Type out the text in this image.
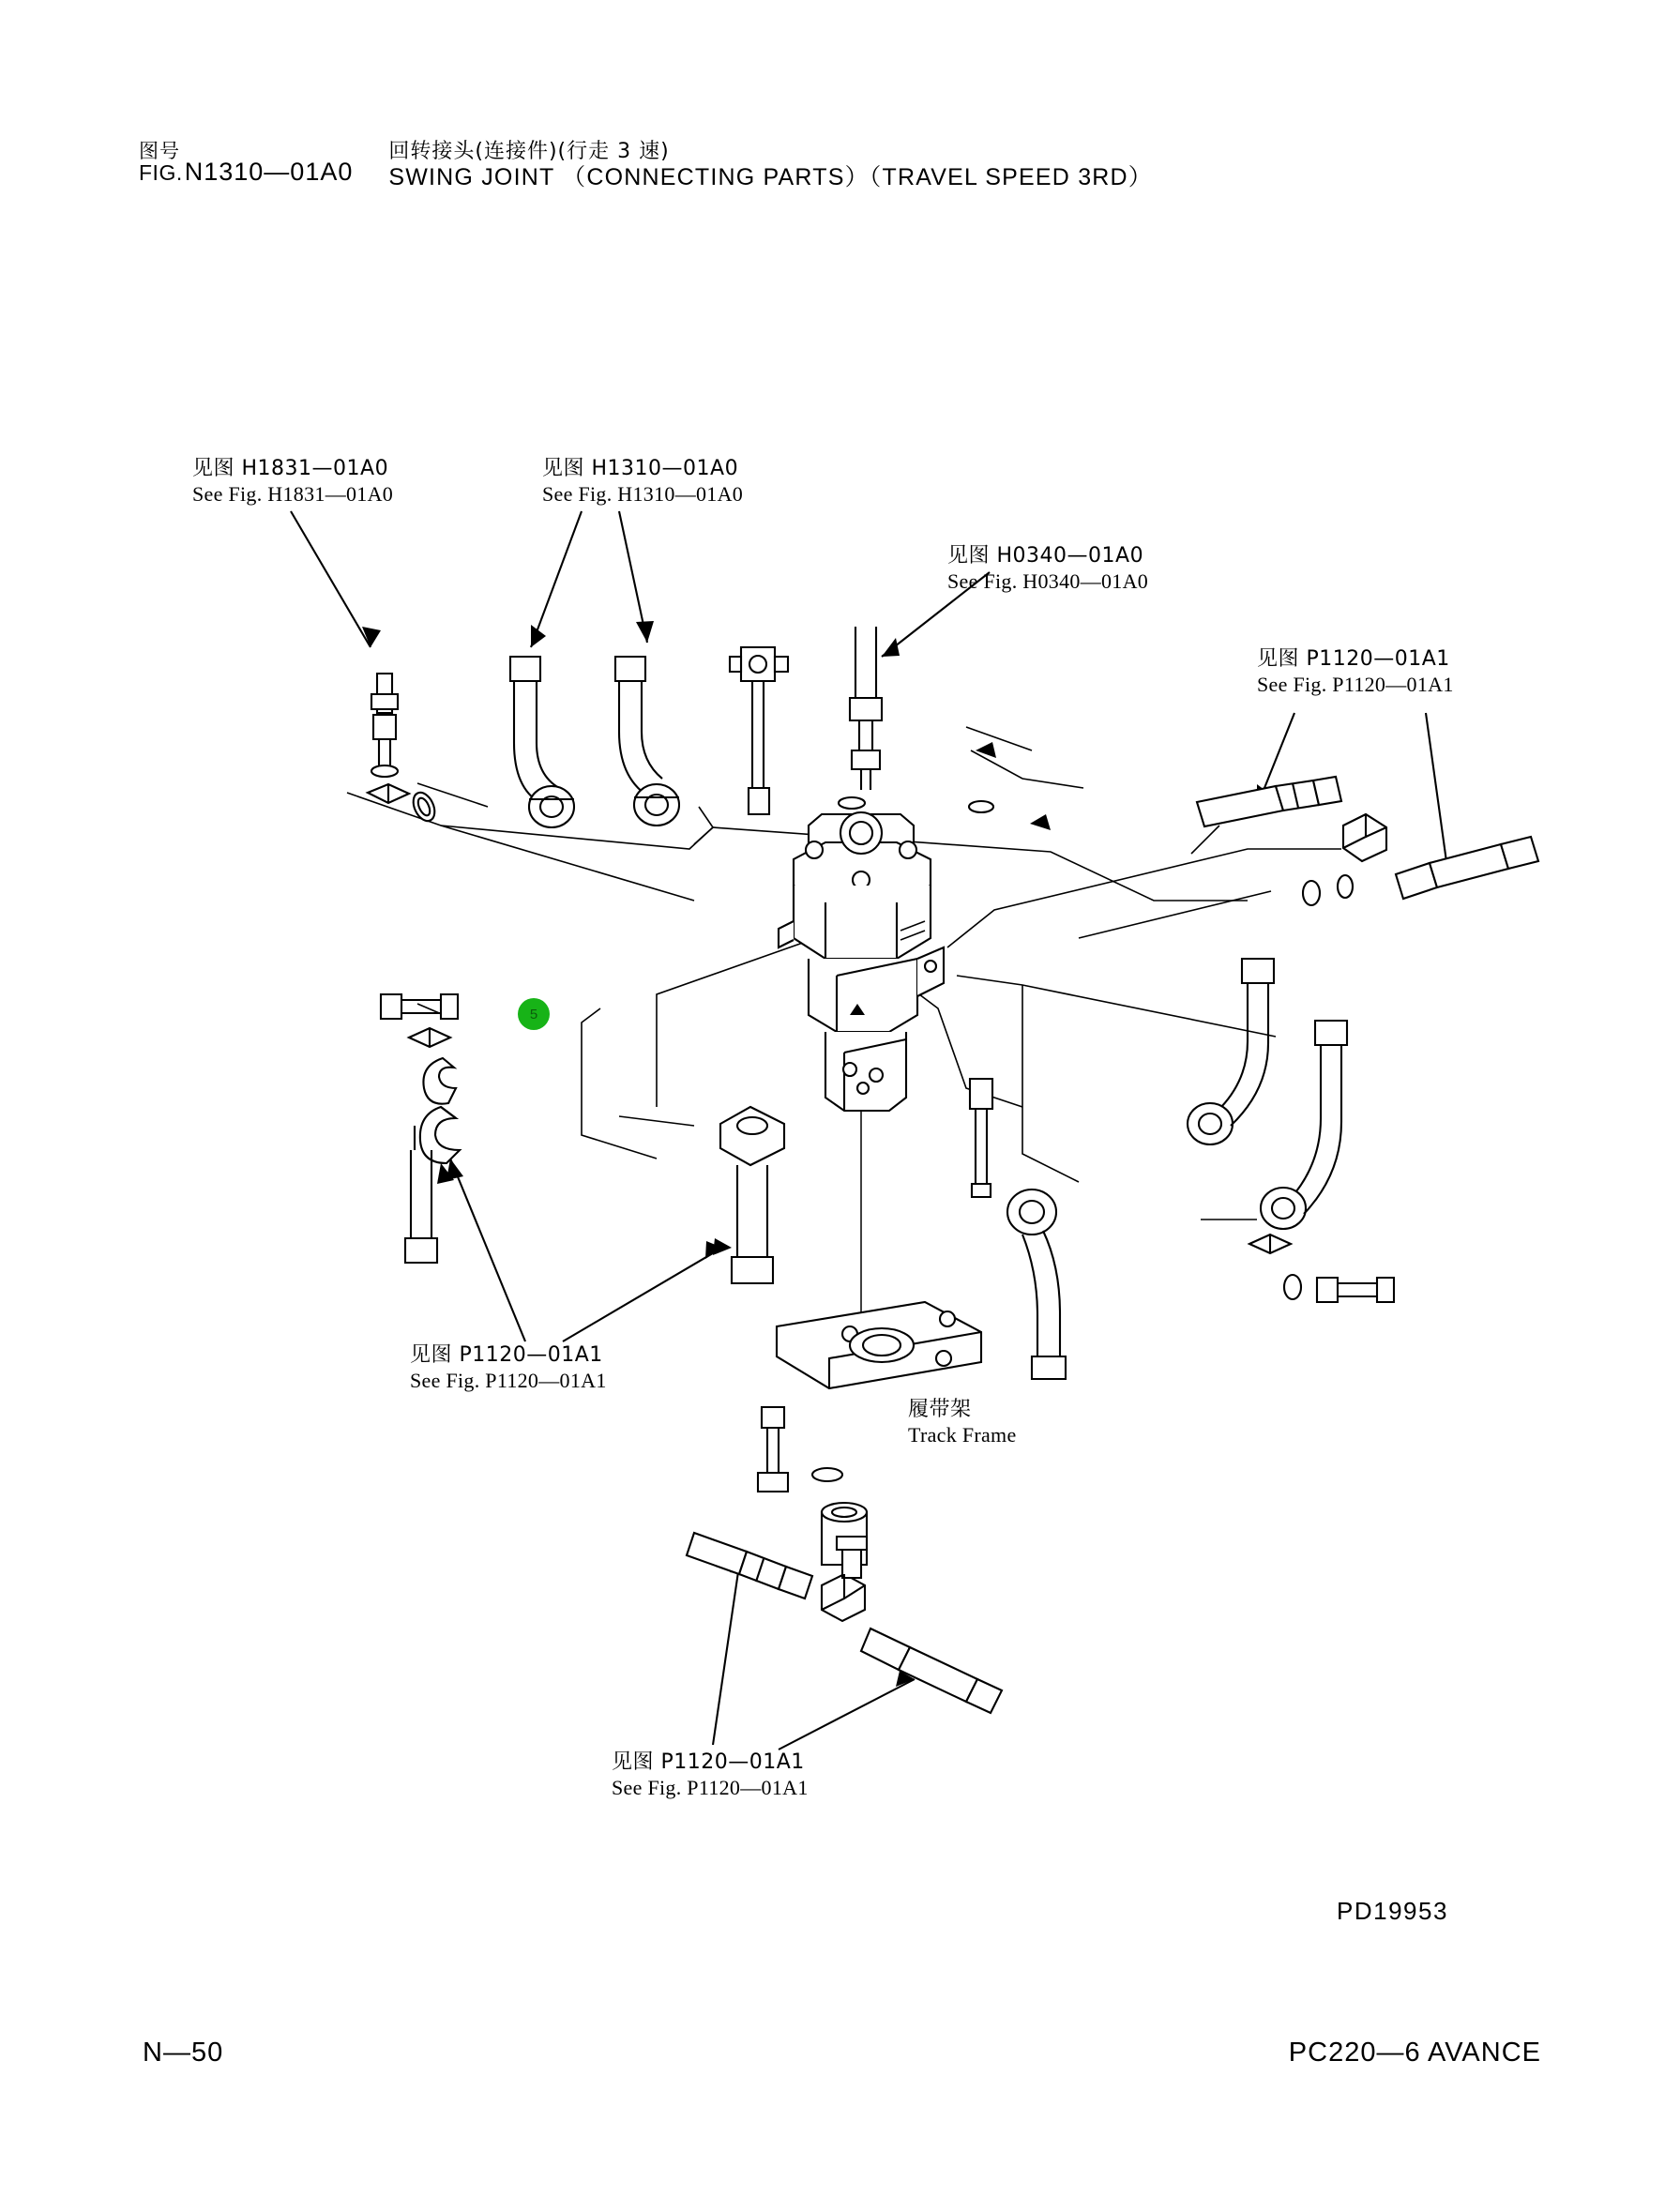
图号
FIG. N1310—01A0
回转接头(连接件)(行走 3 速)
SWING JOINT （CONNECTING PARTS）（TRAVEL SPEED 3RD）
见图 H1831—01A0
See Fig. H1831—01A0
见图 H1310—01A0
See Fig. H1310—01A0
见图 H0340—01A0
See Fig. H0340—01A0
见图 P1120—01A1
See Fig. P1120—01A1
见图 P1120—01A1
See Fig. P1120—01A1
见图 P1120—01A1
See Fig. P1120—01A1
履带架
Track Frame
5
PD19953
N—50	PC220—6 AVANCE
